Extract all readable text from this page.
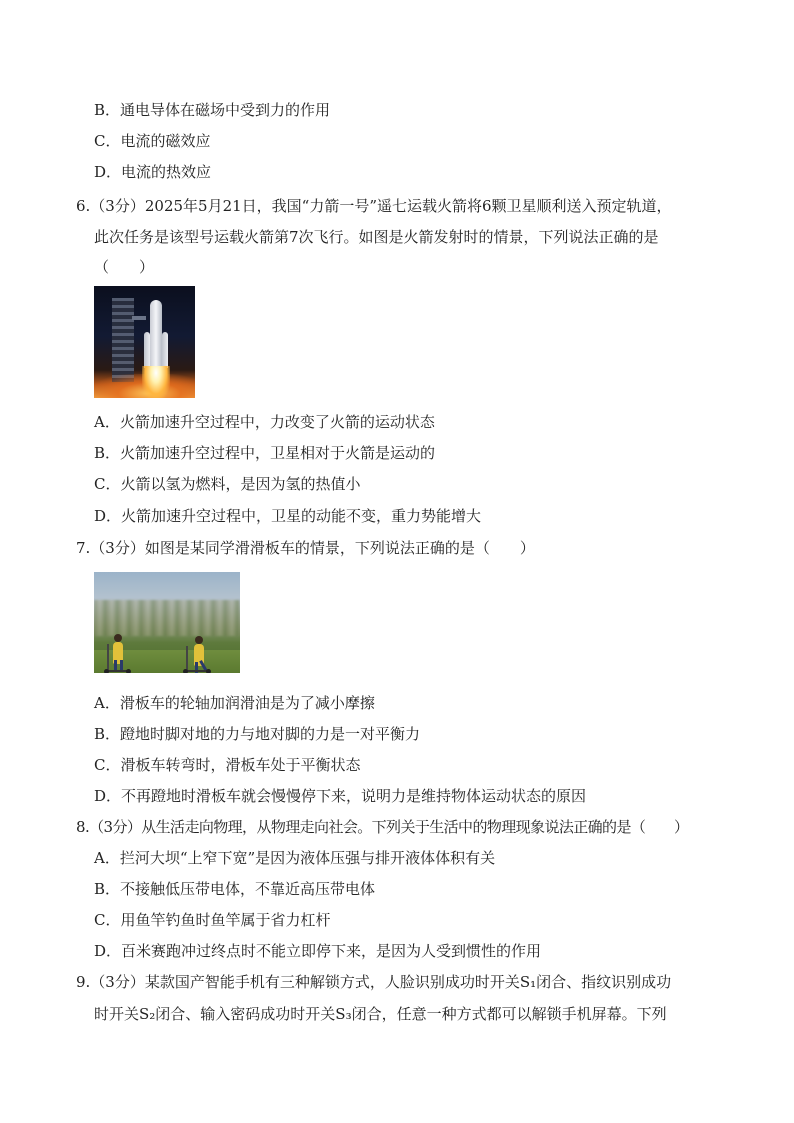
B．通电导体在磁场中受到力的作用
C．电流的磁效应
D．电流的热效应
6.（3分）2025年5月21日，我国“力箭一号”遥七运载火箭将6颗卫星顺利送入预定轨道，
此次任务是该型号运载火箭第7次飞行。如图是火箭发射时的情景，下列说法正确的是
（　　）
A．火箭加速升空过程中，力改变了火箭的运动状态
B．火箭加速升空过程中，卫星相对于火箭是运动的
C．火箭以氢为燃料，是因为氢的热值小
D．火箭加速升空过程中，卫星的动能不变，重力势能增大
7.（3分）如图是某同学滑滑板车的情景，下列说法正确的是（　　）
A．滑板车的轮轴加润滑油是为了减小摩擦
B．蹬地时脚对地的力与地对脚的力是一对平衡力
C．滑板车转弯时，滑板车处于平衡状态
D．不再蹬地时滑板车就会慢慢停下来，说明力是维持物体运动状态的原因
8.（3分）从生活走向物理，从物理走向社会。下列关于生活中的物理现象说法正确的是（　　）
A．拦河大坝“上窄下宽”是因为液体压强与排开液体体积有关
B．不接触低压带电体，不靠近高压带电体
C．用鱼竿钓鱼时鱼竿属于省力杠杆
D．百米赛跑冲过终点时不能立即停下来，是因为人受到惯性的作用
9.（3分）某款国产智能手机有三种解锁方式，人脸识别成功时开关S₁闭合、指纹识别成功
时开关S₂闭合、输入密码成功时开关S₃闭合，任意一种方式都可以解锁手机屏幕。下列
